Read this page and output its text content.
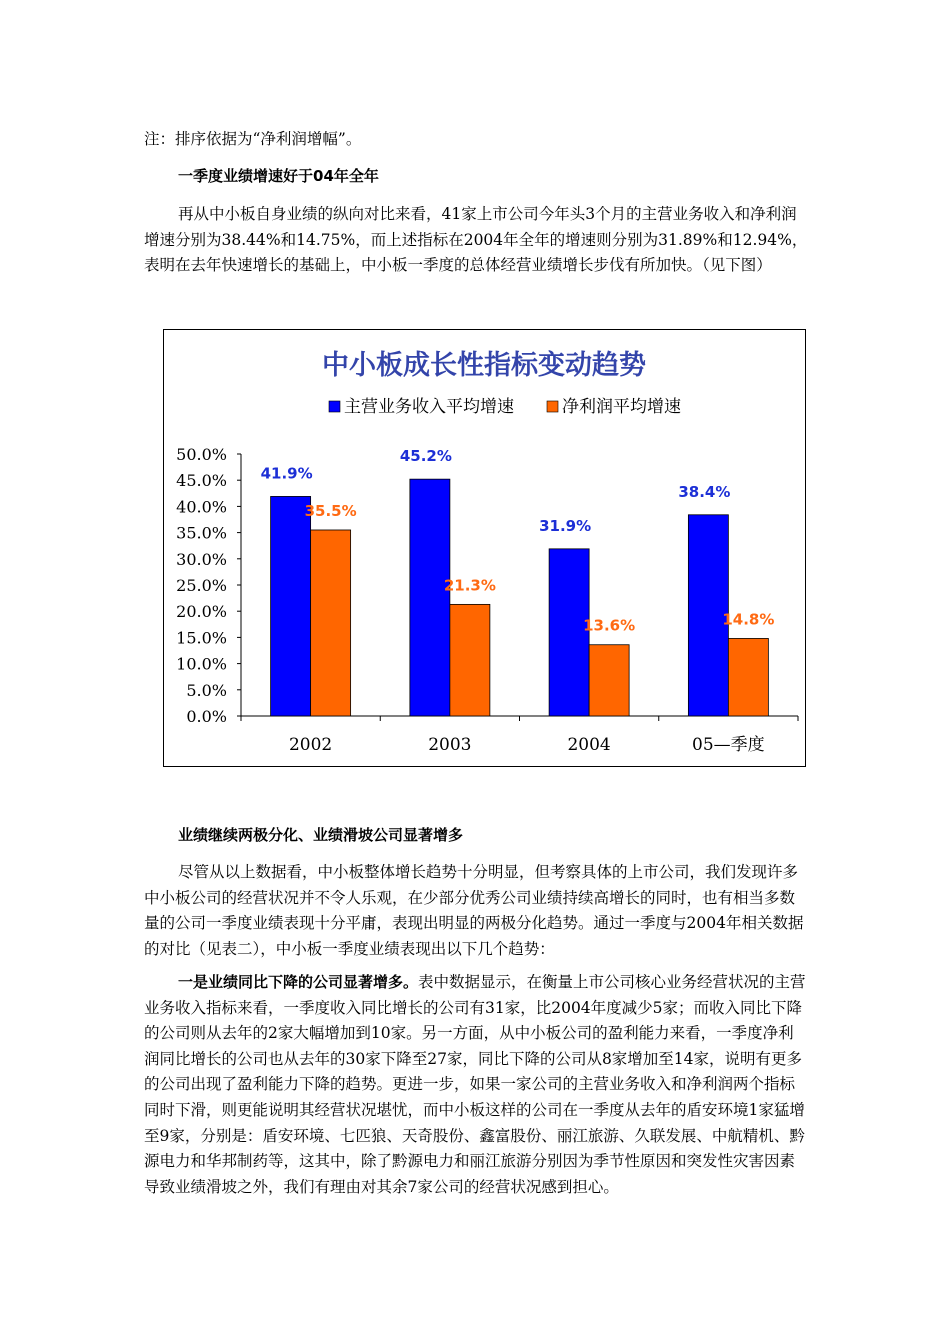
注：排序依据为“净利润增幅”。

一季度业绩增速好于04年全年

再从中小板自身业绩的纵向对比来看，41家上市公司今年头3个月的主营业务收入和净利润增速分别为38.44%和14.75%，而上述指标在2004年全年的增速则分别为31.89%和12.94%，表明在去年快速增长的基础上，中小板一季度的总体经营业绩增长步伐有所加快。（见下图）

业绩继续两极分化、业绩滑坡公司显著增多

尽管从以上数据看，中小板整体增长趋势十分明显，但考察具体的上市公司，我们发现许多中小板公司的经营状况并不令人乐观，在少部分优秀公司业绩持续高增长的同时，也有相当多数量的公司一季度业绩表现十分平庸，表现出明显的两极分化趋势。通过一季度与2004年相关数据的对比（见表二），中小板一季度业绩表现出以下几个趋势：

一是业绩同比下降的公司显著增多。表中数据显示，在衡量上市公司核心业务经营状况的主营业务收入指标来看，一季度收入同比增长的公司有31家，比2004年度减少5家；而收入同比下降的公司则从去年的2家大幅增加到10家。另一方面，从中小板公司的盈利能力来看，一季度净利润同比增长的公司也从去年的30家下降至27家，同比下降的公司从8家增加至14家，说明有更多的公司出现了盈利能力下降的趋势。更进一步，如果一家公司的主营业务收入和净利润两个指标同时下滑，则更能说明其经营状况堪忧，而中小板这样的公司在一季度从去年的盾安环境1家猛增至9家，分别是：盾安环境、七匹狼、天奇股份、鑫富股份、丽江旅游、久联发展、中航精机、黔源电力和华邦制药等，这其中，除了黔源电力和丽江旅游分别因为季节性原因和突发性灾害因素导致业绩滑坡之外，我们有理由对其余7家公司的经营状况感到担心。

中小板成长性指标变动趋势
主营业务收入平均增速	净利润平均增速
0.0%
5.0%
10.0%
15.0%
20.0%
25.0%
30.0%
35.0%
40.0%
45.0%
50.0%
2002
41.9%
35.5%
2003
45.2%
21.3%
2004
31.9%
13.6%
05—季度
38.4%
14.8%
